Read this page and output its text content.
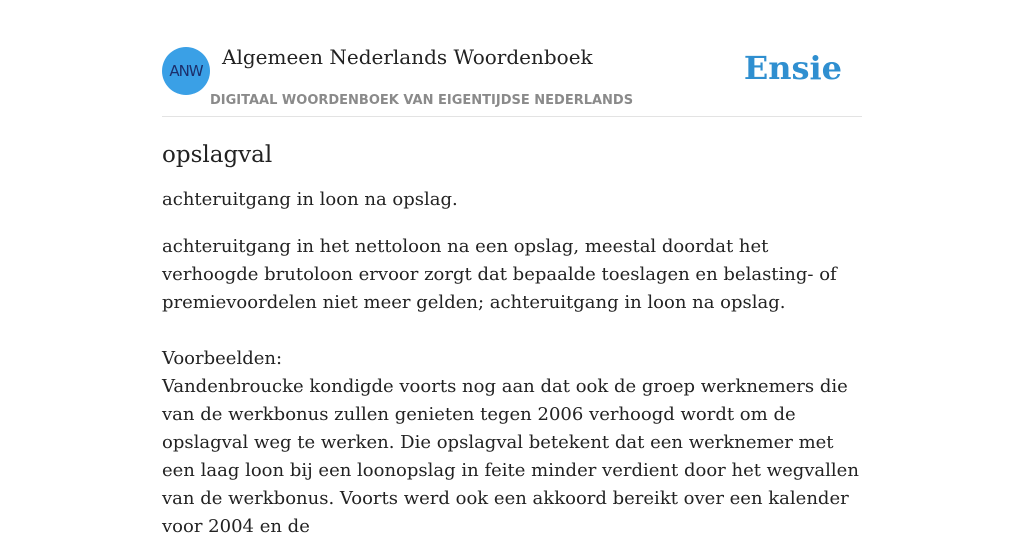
ANW
Algemeen Nederlands Woordenboek
DIGITAAL WOORDENBOEK VAN EIGENTIJDSE NEDERLANDS
Ensie
opslagval

achteruitgang in loon na opslag.

achteruitgang in het nettoloon na een opslag, meestal doordat het verhoogde brutoloon ervoor zorgt dat bepaalde toeslagen en belasting- of premievoordelen niet meer gelden; achteruitgang in loon na opslag.

Voorbeelden:
Vandenbroucke kondigde voorts nog aan dat ook de groep werknemers die van de werkbonus zullen genieten tegen 2006 verhoogd wordt om de opslagval weg te werken. Die opslagval betekent dat een werknemer met een laag loon bij een loonopslag in feite minder verdient door het wegvallen van de werkbonus. Voorts werd ook een akkoord bereikt over een kalender voor 2004 en de
